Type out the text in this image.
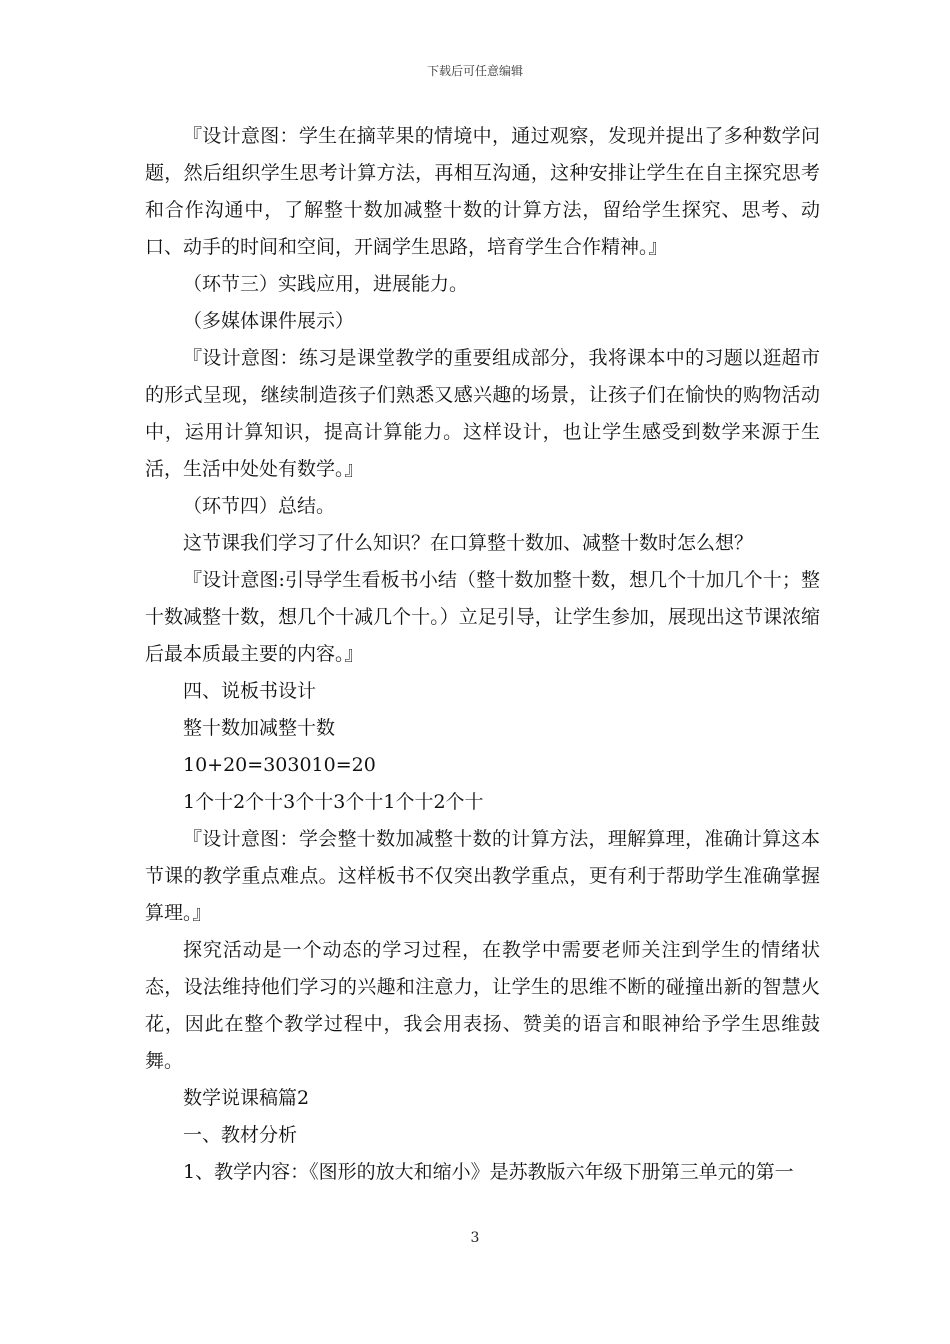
下载后可任意编辑

『设计意图：学生在摘苹果的情境中，通过观察，发现并提出了多种数学问题，然后组织学生思考计算方法，再相互沟通，这种安排让学生在自主探究思考和合作沟通中，了解整十数加减整十数的计算方法，留给学生探究、思考、动口、动手的时间和空间，开阔学生思路，培育学生合作精神。』

（环节三）实践应用，进展能力。

（多媒体课件展示）

『设计意图：练习是课堂教学的重要组成部分，我将课本中的习题以逛超市的形式呈现，继续制造孩子们熟悉又感兴趣的场景，让孩子们在愉快的购物活动中，运用计算知识，提高计算能力。这样设计，也让学生感受到数学来源于生活，生活中处处有数学。』

（环节四）总结。

这节课我们学习了什么知识？在口算整十数加、减整十数时怎么想？

『设计意图:引导学生看板书小结（整十数加整十数，想几个十加几个十；整十数减整十数，想几个十减几个十。）立足引导，让学生参加，展现出这节课浓缩后最本质最主要的内容。』

四、说板书设计

整十数加减整十数

10+20=303010=20

1个十2个十3个十3个十1个十2个十

『设计意图：学会整十数加减整十数的计算方法，理解算理，准确计算这本节课的教学重点难点。这样板书不仅突出教学重点，更有利于帮助学生准确掌握算理。』

探究活动是一个动态的学习过程，在教学中需要老师关注到学生的情绪状态，设法维持他们学习的兴趣和注意力，让学生的思维不断的碰撞出新的智慧火花，因此在整个教学过程中，我会用表扬、赞美的语言和眼神给予学生思维鼓舞。

数学说课稿篇2

一、教材分析

1、教学内容：《图形的放大和缩小》是苏教版六年级下册第三单元的第一

3
